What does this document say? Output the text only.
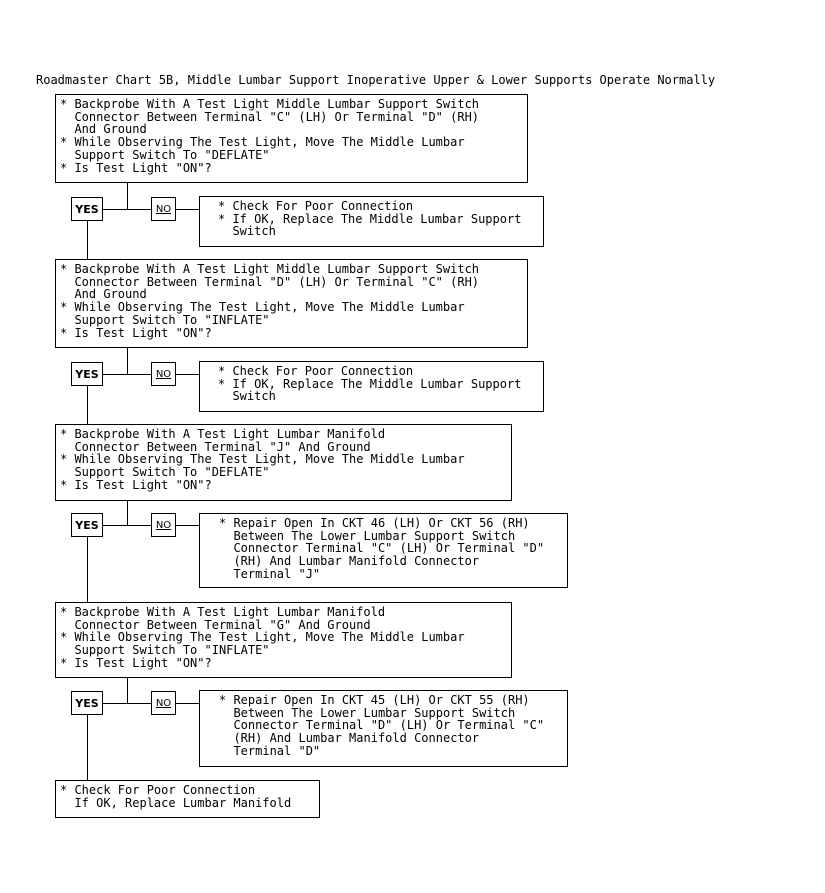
Roadmaster Chart 5B, Middle Lumbar Support Inoperative Upper & Lower Supports Operate Normally
* Backprobe With A Test Light Middle Lumbar Support Switch
Connector Between Terminal "C" (LH) Or Terminal "D" (RH)
And Ground
* While Observing The Test Light, Move The Middle Lumbar
Support Switch To "DEFLATE"
* Is Test Light "ON"?
YES	NO	* Check For Poor Connection
* If OK, Replace The Middle Lumbar Support
Switch
* Backprobe With A Test Light Middle Lumbar Support Switch
Connector Between Terminal "D" (LH) Or Terminal "C" (RH)
And Ground
* While Observing The Test Light, Move The Middle Lumbar
Support Switch To "INFLATE"
* Is Test Light "ON"?
YES	NO	* Check For Poor Connection
* If OK, Replace The Middle Lumbar Support
Switch
* Backprobe With A Test Light Lumbar Manifold
Connector Between Terminal "J" And Ground
* While Observing The Test Light, Move The Middle Lumbar
Support Switch To "DEFLATE"
* Is Test Light "ON"?
YES	NO	* Repair Open In CKT 46 (LH) Or CKT 56 (RH)
Between The Lower Lumbar Support Switch
Connector Terminal "C" (LH) Or Terminal "D"
(RH) And Lumbar Manifold Connector
Terminal "J"
* Backprobe With A Test Light Lumbar Manifold
Connector Between Terminal "G" And Ground
* While Observing The Test Light, Move The Middle Lumbar
Support Switch To "INFLATE"
* Is Test Light "ON"?
YES	NO	* Repair Open In CKT 45 (LH) Or CKT 55 (RH)
Between The Lower Lumbar Support Switch
Connector Terminal "D" (LH) Or Terminal "C"
(RH) And Lumbar Manifold Connector
Terminal "D"
* Check For Poor Connection
If OK, Replace Lumbar Manifold
